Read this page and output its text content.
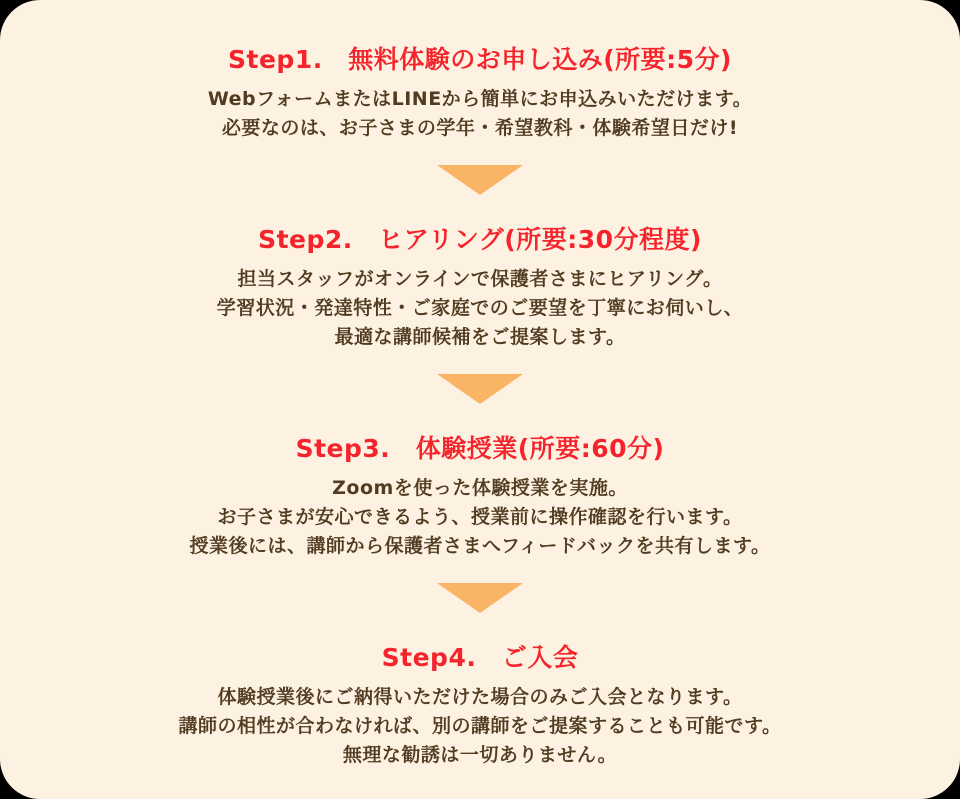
Step1.　無料体験のお申し込み(所要:5分)

WebフォームまたはLINEから簡単にお申込みいただけます。

必要なのは、お子さまの学年・希望教科・体験希望日だけ!

Step2.　ヒアリング(所要:30分程度)

担当スタッフがオンラインで保護者さまにヒアリング。

学習状況・発達特性・ご家庭でのご要望を丁寧にお伺いし、

最適な講師候補をご提案します。

Step3.　体験授業(所要:60分)

Zoomを使った体験授業を実施。

お子さまが安心できるよう、授業前に操作確認を行います。

授業後には、講師から保護者さまへフィードバックを共有します。

Step4.　ご入会

体験授業後にご納得いただけた場合のみご入会となります。

講師の相性が合わなければ、別の講師をご提案することも可能です。

無理な勧誘は一切ありません。
